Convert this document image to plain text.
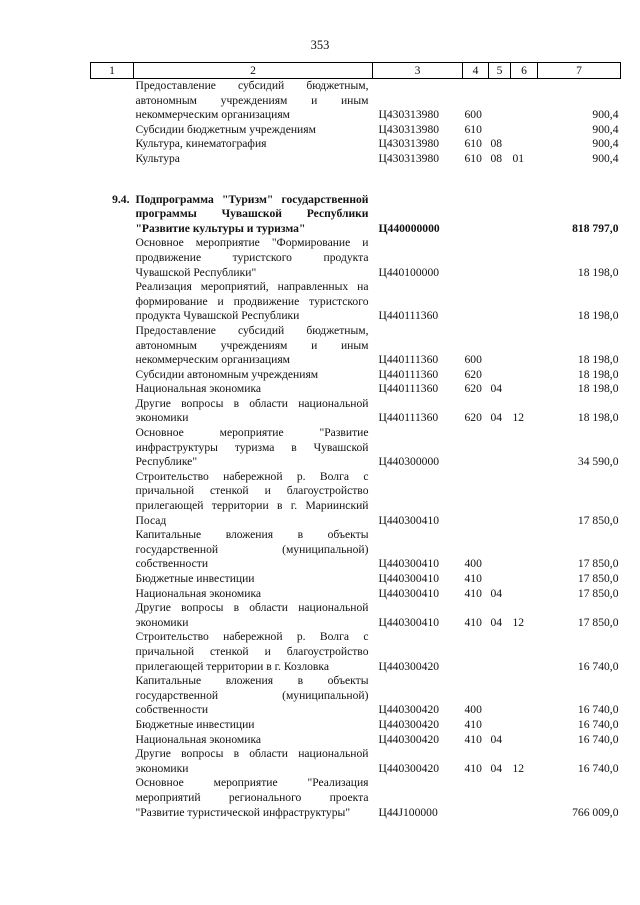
353
1	2	3	4	5	6	7
	Предоставление субсидий бюджетным, автономным учреждениям и иным некоммерческим организациям	Ц430313980	600			900,4
	Субсидии бюджетным учреждениям	Ц430313980	610			900,4
	Культура, кинематография	Ц430313980	610	08		900,4
	Культура	Ц430313980	610	08	01	900,4

9.4.	Подпрограмма "Туризм" государственной программы Чувашской Республики "Развитие культуры и туризма"	Ц440000000				818 797,0
	Основное мероприятие "Формирование и продвижение туристского продукта Чувашской Республики"	Ц440100000				18 198,0
	Реализация мероприятий, направленных на формирование и продвижение туристского продукта Чувашской Республики	Ц440111360				18 198,0
	Предоставление субсидий бюджетным, автономным учреждениям и иным некоммерческим организациям	Ц440111360	600			18 198,0
	Субсидии автономным учреждениям	Ц440111360	620			18 198,0
	Национальная экономика	Ц440111360	620	04		18 198,0
	Другие вопросы в области национальной экономики	Ц440111360	620	04	12	18 198,0
	Основное мероприятие "Развитие инфраструктуры туризма в Чувашской Республике"	Ц440300000				34 590,0
	Строительство набережной р. Волга с причальной стенкой и благоустройство прилегающей территории в г. Мариинский Посад	Ц440300410				17 850,0
	Капитальные вложения в объекты государственной (муниципальной) собственности	Ц440300410	400			17 850,0
	Бюджетные инвестиции	Ц440300410	410			17 850,0
	Национальная экономика	Ц440300410	410	04		17 850,0
	Другие вопросы в области национальной экономики	Ц440300410	410	04	12	17 850,0
	Строительство набережной р. Волга с причальной стенкой и благоустройство прилегающей территории в г. Козловка	Ц440300420				16 740,0
	Капитальные вложения в объекты государственной (муниципальной) собственности	Ц440300420	400			16 740,0
	Бюджетные инвестиции	Ц440300420	410			16 740,0
	Национальная экономика	Ц440300420	410	04		16 740,0
	Другие вопросы в области национальной экономики	Ц440300420	410	04	12	16 740,0
	Основное мероприятие "Реализация мероприятий регионального проекта "Развитие туристической инфраструктуры"	Ц44J100000				766 009,0
